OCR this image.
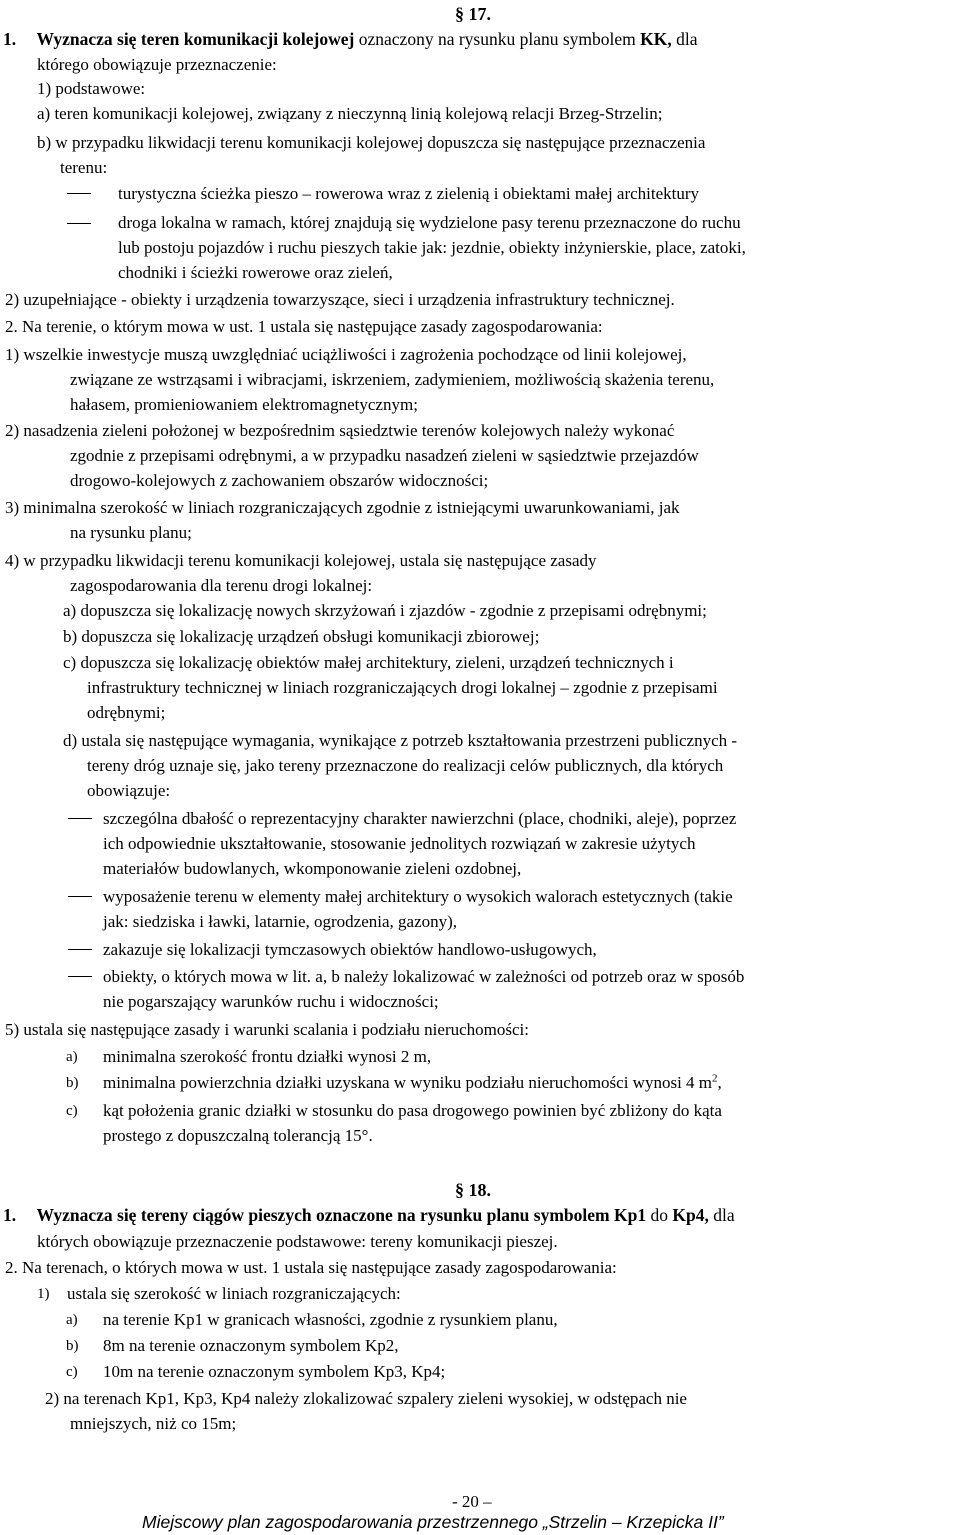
§ 17.
1. Wyznacza się teren komunikacji kolejowej oznaczony na rysunku planu symbolem KK, dla
którego obowiązuje przeznaczenie:
1) podstawowe:
a) teren komunikacji kolejowej, związany z nieczynną linią kolejową relacji Brzeg-Strzelin;
b) w przypadku likwidacji terenu komunikacji kolejowej dopuszcza się następujące przeznaczenia
terenu:
turystyczna ścieżka pieszo – rowerowa wraz z zielenią i obiektami małej architektury
droga lokalna w ramach, której znajdują się wydzielone pasy terenu przeznaczone do ruchu
lub postoju pojazdów i ruchu pieszych takie jak: jezdnie, obiekty inżynierskie, place, zatoki,
chodniki i ścieżki rowerowe oraz zieleń,
2) uzupełniające - obiekty i urządzenia towarzyszące, sieci i urządzenia infrastruktury technicznej.
2. Na terenie, o którym mowa w ust. 1 ustala się następujące zasady zagospodarowania:
1) wszelkie inwestycje muszą uwzględniać uciążliwości i zagrożenia pochodzące od linii kolejowej,
związane ze wstrząsami i wibracjami, iskrzeniem, zadymieniem, możliwością skażenia terenu,
hałasem, promieniowaniem elektromagnetycznym;
2) nasadzenia zieleni położonej w bezpośrednim sąsiedztwie terenów kolejowych należy wykonać
zgodnie z przepisami odrębnymi, a w przypadku nasadzeń zieleni w sąsiedztwie przejazdów
drogowo-kolejowych z zachowaniem obszarów widoczności;
3) minimalna szerokość w liniach rozgraniczających zgodnie z istniejącymi uwarunkowaniami, jak
na rysunku planu;
4) w przypadku likwidacji terenu komunikacji kolejowej, ustala się następujące zasady
zagospodarowania dla terenu drogi lokalnej:
a) dopuszcza się lokalizację nowych skrzyżowań i zjazdów - zgodnie z przepisami odrębnymi;
b) dopuszcza się lokalizację urządzeń obsługi komunikacji zbiorowej;
c) dopuszcza się lokalizację obiektów małej architektury, zieleni, urządzeń technicznych i
infrastruktury technicznej w liniach rozgraniczających drogi lokalnej – zgodnie z przepisami
odrębnymi;
d) ustala się następujące wymagania, wynikające z potrzeb kształtowania przestrzeni publicznych -
tereny dróg uznaje się, jako tereny przeznaczone do realizacji celów publicznych, dla których
obowiązuje:
szczególna dbałość o reprezentacyjny charakter nawierzchni (place, chodniki, aleje), poprzez
ich odpowiednie ukształtowanie, stosowanie jednolitych rozwiązań w zakresie użytych
materiałów budowlanych, wkomponowanie zieleni ozdobnej,
wyposażenie terenu w elementy małej architektury o wysokich walorach estetycznych (takie
jak: siedziska i ławki, latarnie, ogrodzenia, gazony),
zakazuje się lokalizacji tymczasowych obiektów handlowo-usługowych,
obiekty, o których mowa w lit. a, b należy lokalizować w zależności od potrzeb oraz w sposób
nie pogarszający warunków ruchu i widoczności;
5) ustala się następujące zasady i warunki scalania i podziału nieruchomości:
a) minimalna szerokość frontu działki wynosi 2 m,
b) minimalna powierzchnia działki uzyskana w wyniku podziału nieruchomości wynosi 4 $m^2$,
c) kąt położenia granic działki w stosunku do pasa drogowego powinien być zbliżony do kąta
prostego z dopuszczalną tolerancją 15°.
§ 18.
1. Wyznacza się tereny ciągów pieszych oznaczone na rysunku planu symbolem Kp1 do Kp4, dla
których obowiązuje przeznaczenie podstawowe: tereny komunikacji pieszej.
2. Na terenach, o których mowa w ust. 1 ustala się następujące zasady zagospodarowania:
1) ustala się szerokość w liniach rozgraniczających:
a) na terenie Kp1 w granicach własności, zgodnie z rysunkiem planu,
b) 8m na terenie oznaczonym symbolem Kp2,
c) 10m na terenie oznaczonym symbolem Kp3, Kp4;
2) na terenach Kp1, Kp3, Kp4 należy zlokalizować szpalery zieleni wysokiej, w odstępach nie
mniejszych, niż co 15m;
- 20 –
Miejscowy plan zagospodarowania przestrzennego „Strzelin – Krzepicka II”
